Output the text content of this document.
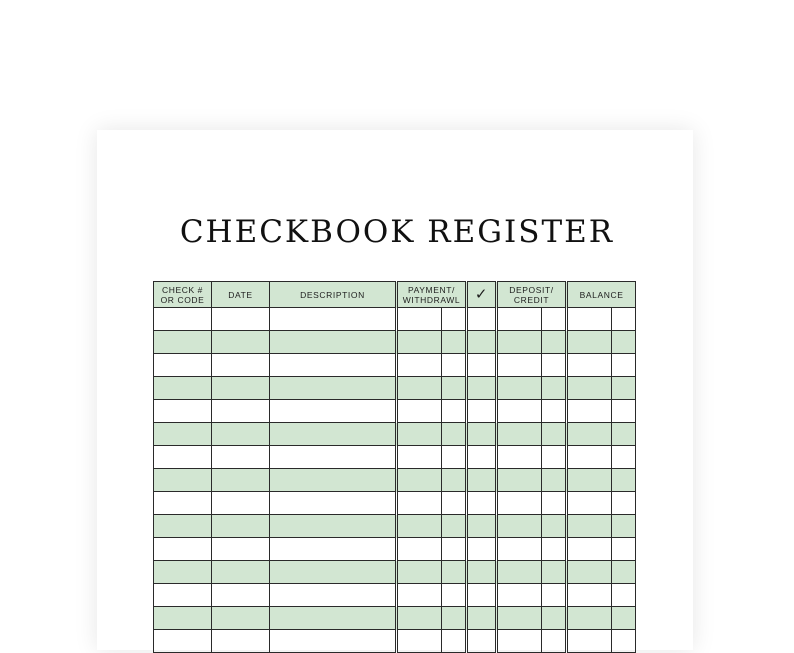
CHECKBOOK REGISTER
CHECK # OR CODE	DATE	DESCRIPTION	PAYMENT/ WITHDRAWL		✓	DEPOSIT/ CREDIT		BALANCE	
